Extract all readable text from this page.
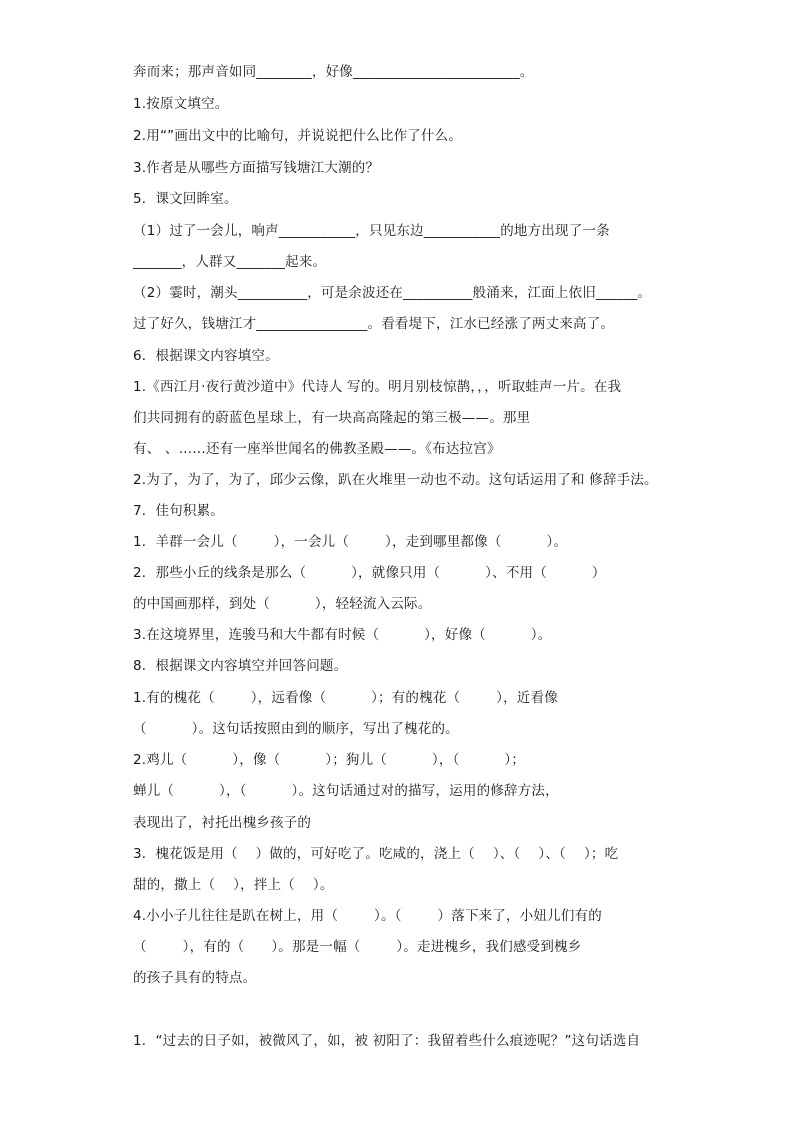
奔而来；那声音如同________，好像________________________。
1.按原文填空。
2.用“”画出文中的比喻句，并说说把什么比作了什么。
3.作者是从哪些方面描写钱塘江大潮的？
5．课文回眸室。
（1）过了一会儿，响声___________，只见东边___________的地方出现了一条
_______，人群又_______起来。
（2）霎时，潮头__________，可是余波还在__________般涌来，江面上依旧______。
过了好久，钱塘江才________________。看看堤下，江水已经涨了两丈来高了。
6．根据课文内容填空。
1.《西江月·夜行黄沙道中》代诗人 写的。明月别枝惊鹊，，，听取蛙声一片。在我
们共同拥有的蔚蓝色星球上，有一块高高隆起的第三极——。那里
有、 、……还有一座举世闻名的佛教圣殿——。《布达拉宫》
2.为了，为了，为了，邱少云像，趴在火堆里一动也不动。这句话运用了和 修辞手法。
7．佳句积累。
1．羊群一会儿（        ），一会儿（        ），走到哪里都像（          ）。
2．那些小丘的线条是那么（          ），就像只用（          ）、不用（          ）
的中国画那样，到处（          ），轻轻流入云际。
3.在这境界里，连骏马和大牛都有时候（          ），好像（          ）。
8．根据课文内容填空并回答问题。
1.有的槐花（        ），远看像（          ）；有的槐花（        ），近看像
（          ）。这句话按照由到的顺序，写出了槐花的。
2.鸡儿（          ），像（          ）；狗儿（          ），（          ）；
蝉儿（          ），（          ）。这句话通过对的描写，运用的修辞方法，
表现出了，衬托出槐乡孩子的
3．槐花饭是用（    ）做的，可好吃了。吃咸的，浇上（    ）、（    ）、（    ）；吃
甜的，撒上（    ），拌上（    ）。
4.小小子儿往往是趴在树上，用（        ）。（        ）落下来了，小妞儿们有的
（        ），有的（      ）。那是一幅（        ）。走进槐乡，我们感受到槐乡
的孩子具有的特点。
1．“过去的日子如，被微风了，如，被 初阳了：我留着些什么痕迹呢？”这句话选自
